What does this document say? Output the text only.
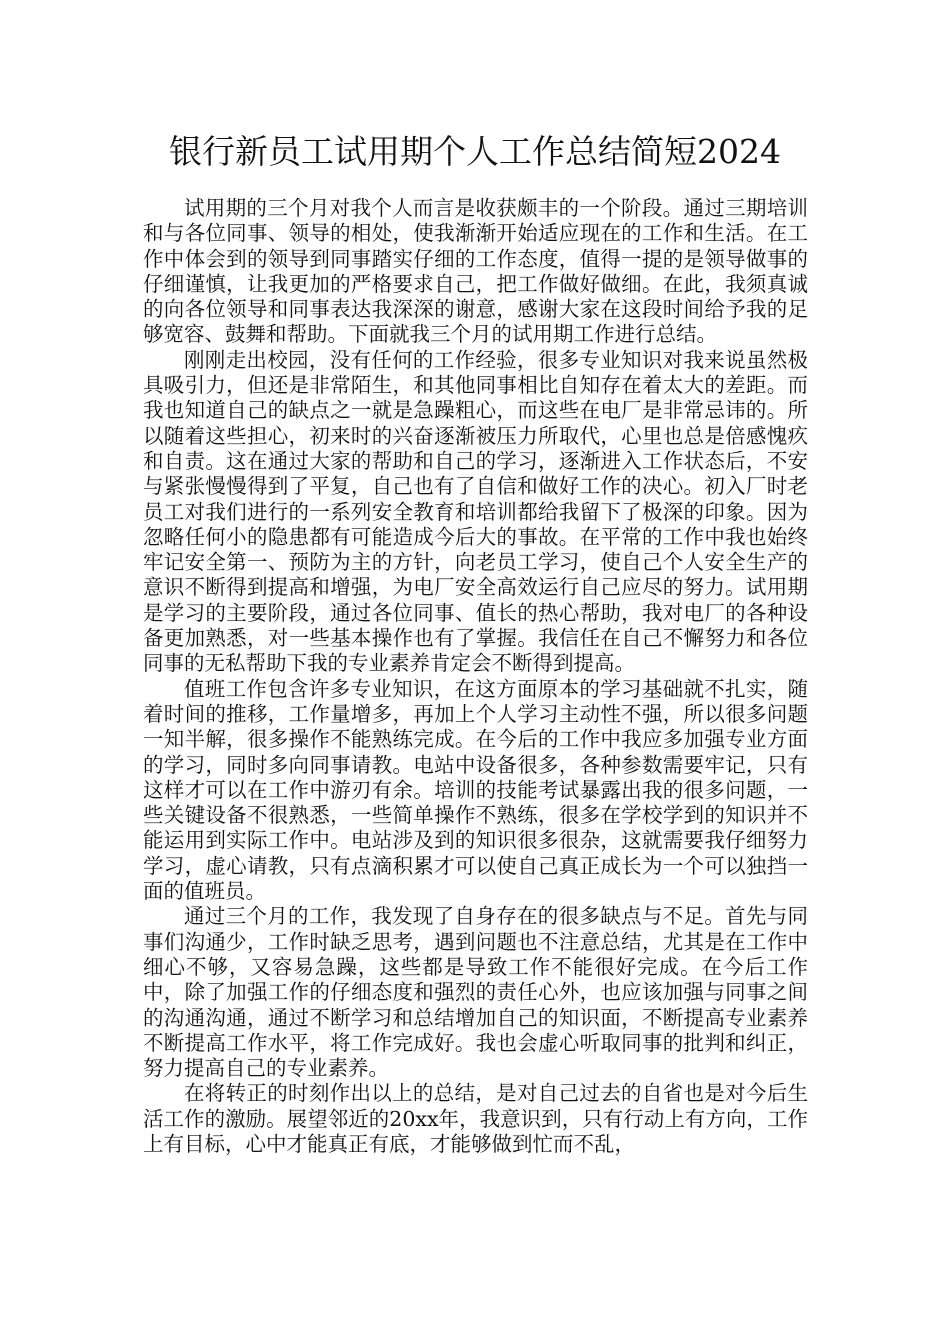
银行新员工试用期个人工作总结简短2024

试用期的三个月对我个人而言是收获颇丰的一个阶段。通过三期培训和与各位同事、领导的相处，使我渐渐开始适应现在的工作和生活。在工作中体会到的领导到同事踏实仔细的工作态度，值得一提的是领导做事的仔细谨慎，让我更加的严格要求自己，把工作做好做细。在此，我须真诚的向各位领导和同事表达我深深的谢意，感谢大家在这段时间给予我的足够宽容、鼓舞和帮助。下面就我三个月的试用期工作进行总结。

刚刚走出校园，没有任何的工作经验，很多专业知识对我来说虽然极具吸引力，但还是非常陌生，和其他同事相比自知存在着太大的差距。而我也知道自己的缺点之一就是急躁粗心，而这些在电厂是非常忌讳的。所以随着这些担心，初来时的兴奋逐渐被压力所取代，心里也总是倍感愧疚和自责。这在通过大家的帮助和自己的学习，逐渐进入工作状态后，不安与紧张慢慢得到了平复，自己也有了自信和做好工作的决心。初入厂时老员工对我们进行的一系列安全教育和培训都给我留下了极深的印象。因为忽略任何小的隐患都有可能造成今后大的事故。在平常的工作中我也始终牢记安全第一、预防为主的方针，向老员工学习，使自己个人安全生产的意识不断得到提高和增强，为电厂安全高效运行自己应尽的努力。试用期是学习的主要阶段，通过各位同事、值长的热心帮助，我对电厂的各种设备更加熟悉，对一些基本操作也有了掌握。我信任在自己不懈努力和各位同事的无私帮助下我的专业素养肯定会不断得到提高。

值班工作包含许多专业知识，在这方面原本的学习基础就不扎实，随着时间的推移，工作量增多，再加上个人学习主动性不强，所以很多问题一知半解，很多操作不能熟练完成。在今后的工作中我应多加强专业方面的学习，同时多向同事请教。电站中设备很多，各种参数需要牢记，只有这样才可以在工作中游刃有余。培训的技能考试暴露出我的很多问题，一些关键设备不很熟悉，一些简单操作不熟练，很多在学校学到的知识并不能运用到实际工作中。电站涉及到的知识很多很杂，这就需要我仔细努力学习，虚心请教，只有点滴积累才可以使自己真正成长为一个可以独挡一面的值班员。

通过三个月的工作，我发现了自身存在的很多缺点与不足。首先与同事们沟通少，工作时缺乏思考，遇到问题也不注意总结，尤其是在工作中细心不够，又容易急躁，这些都是导致工作不能很好完成。在今后工作中，除了加强工作的仔细态度和强烈的责任心外，也应该加强与同事之间的沟通沟通，通过不断学习和总结增加自己的知识面，不断提高专业素养不断提高工作水平，将工作完成好。我也会虚心听取同事的批判和纠正，努力提高自己的专业素养。

在将转正的时刻作出以上的总结，是对自己过去的自省也是对今后生活工作的激励。展望邻近的20xx年，我意识到，只有行动上有方向，工作上有目标，心中才能真正有底，才能够做到忙而不乱，
